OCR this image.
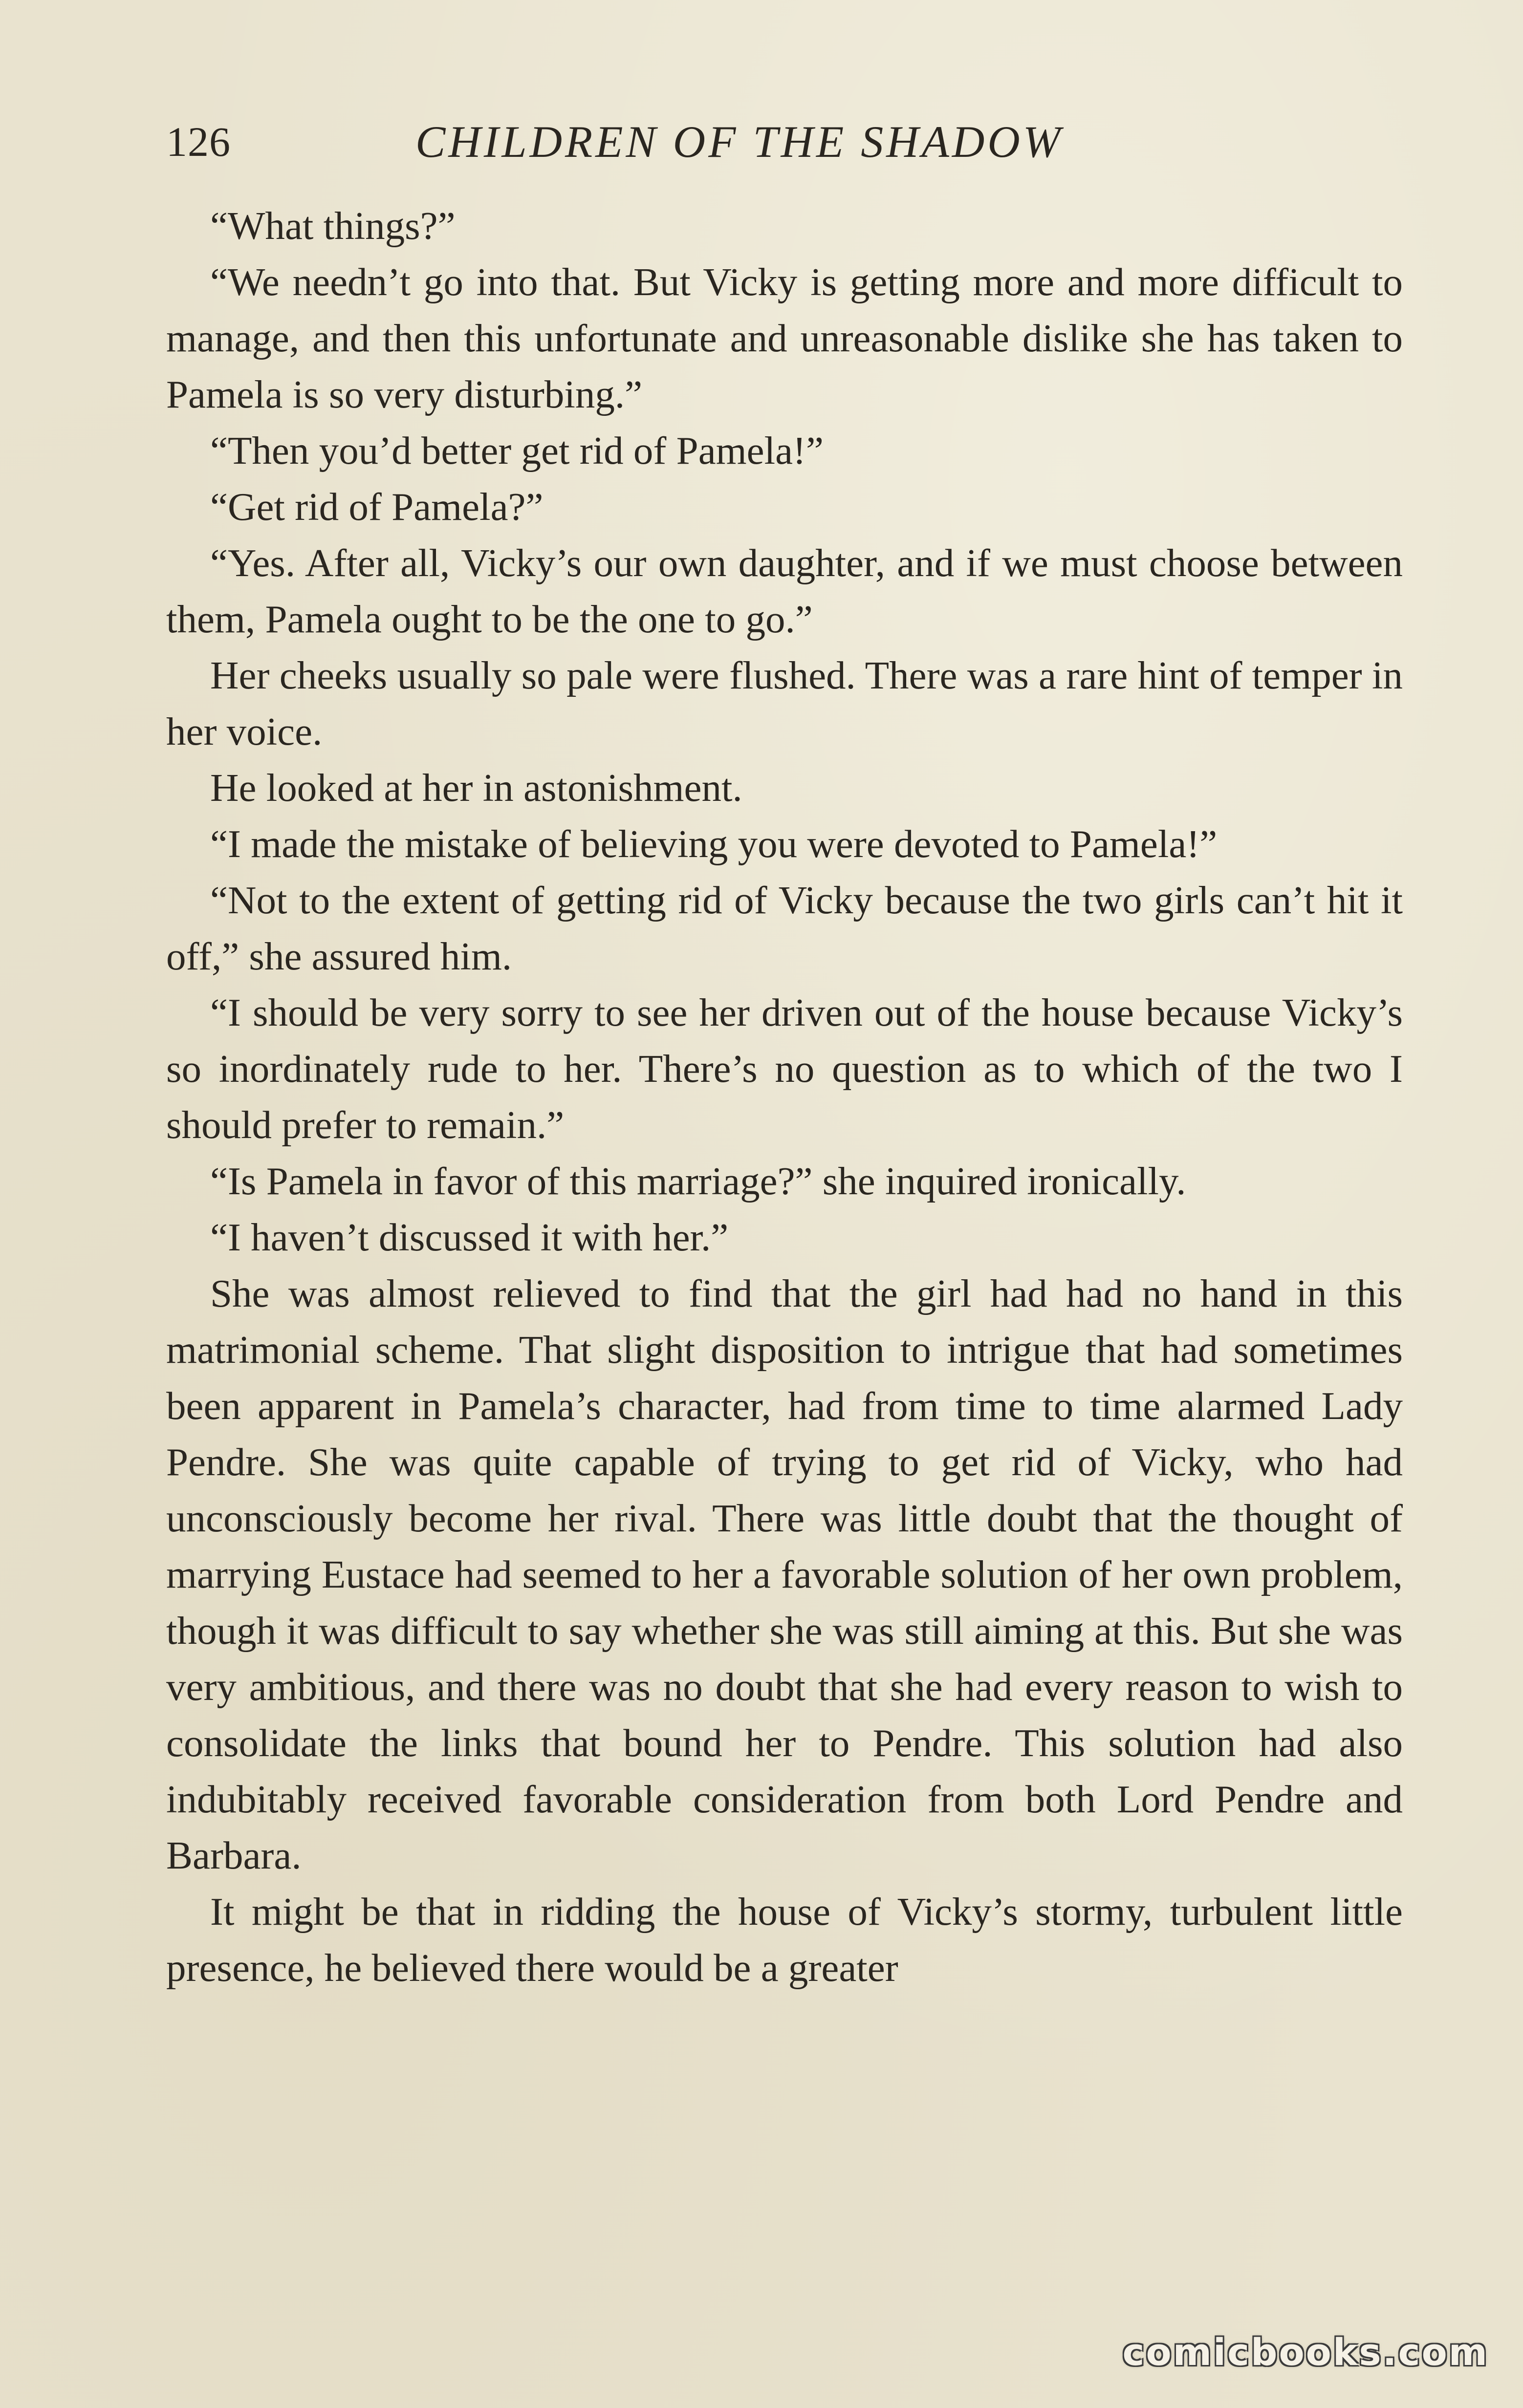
126	CHILDREN OF THE SHADOW

“What things?”

“We needn’t go into that. But Vicky is getting more and more difficult to manage, and then this unfortunate and unreasonable dislike she has taken to Pamela is so very disturbing.”

“Then you’d better get rid of Pamela!”

“Get rid of Pamela?”

“Yes. After all, Vicky’s our own daughter, and if we must choose between them, Pamela ought to be the one to go.”

Her cheeks usually so pale were flushed. There was a rare hint of temper in her voice.

He looked at her in astonishment.

“I made the mistake of believing you were devoted to Pamela!”

“Not to the extent of getting rid of Vicky because the two girls can’t hit it off,” she assured him.

“I should be very sorry to see her driven out of the house because Vicky’s so inordinately rude to her. There’s no question as to which of the two I should prefer to remain.”

“Is Pamela in favor of this marriage?” she inquired ironically.

“I haven’t discussed it with her.”

She was almost relieved to find that the girl had had no hand in this matrimonial scheme. That slight disposition to intrigue that had sometimes been apparent in Pamela’s character, had from time to time alarmed Lady Pendre. She was quite capable of trying to get rid of Vicky, who had unconsciously become her rival. There was little doubt that the thought of marrying Eustace had seemed to her a favorable solution of her own problem, though it was difficult to say whether she was still aiming at this. But she was very ambitious, and there was no doubt that she had every reason to wish to consolidate the links that bound her to Pendre. This solution had also indubitably received favorable consideration from both Lord Pendre and Barbara.

It might be that in ridding the house of Vicky’s stormy, turbulent little presence, he believed there would be a greater

comicbooks.com
